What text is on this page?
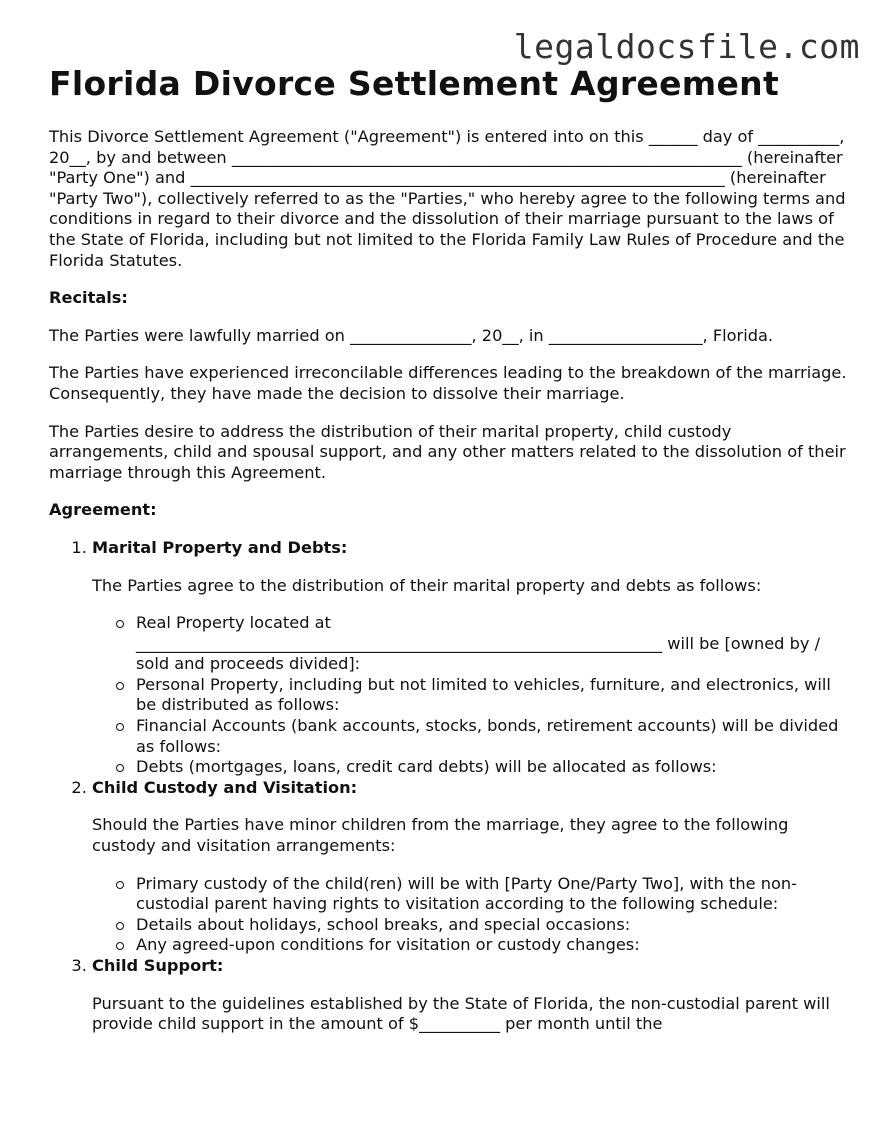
legaldocsfile.com
Florida Divorce Settlement Agreement

This Divorce Settlement Agreement ("Agreement") is entered into on this ______ day of __________, 20__, by and between _______________________________________________________________ (hereinafter "Party One") and __________________________________________________________________ (hereinafter "Party Two"), collectively referred to as the "Parties," who hereby agree to the following terms and conditions in regard to their divorce and the dissolution of their marriage pursuant to the laws of the State of Florida, including but not limited to the Florida Family Law Rules of Procedure and the Florida Statutes.

Recitals:

The Parties were lawfully married on _______________, 20__, in ___________________, Florida.

The Parties have experienced irreconcilable differences leading to the breakdown of the marriage. Consequently, they have made the decision to dissolve their marriage.

The Parties desire to address the distribution of their marital property, child custody arrangements, child and spousal support, and any other matters related to the dissolution of their marriage through this Agreement.

Agreement:
1. Marital Property and Debts:
The Parties agree to the distribution of their marital property and debts as follows:
Real Property located at _________________________________________________________________ will be [owned by / sold and proceeds divided]:
Personal Property, including but not limited to vehicles, furniture, and electronics, will be distributed as follows:
Financial Accounts (bank accounts, stocks, bonds, retirement accounts) will be divided as follows:
Debts (mortgages, loans, credit card debts) will be allocated as follows:
2. Child Custody and Visitation:
Should the Parties have minor children from the marriage, they agree to the following custody and visitation arrangements:
Primary custody of the child(ren) will be with [Party One/Party Two], with the non-custodial parent having rights to visitation according to the following schedule:
Details about holidays, school breaks, and special occasions:
Any agreed-upon conditions for visitation or custody changes:
3. Child Support:
Pursuant to the guidelines established by the State of Florida, the non-custodial parent will provide child support in the amount of $__________ per month until the
